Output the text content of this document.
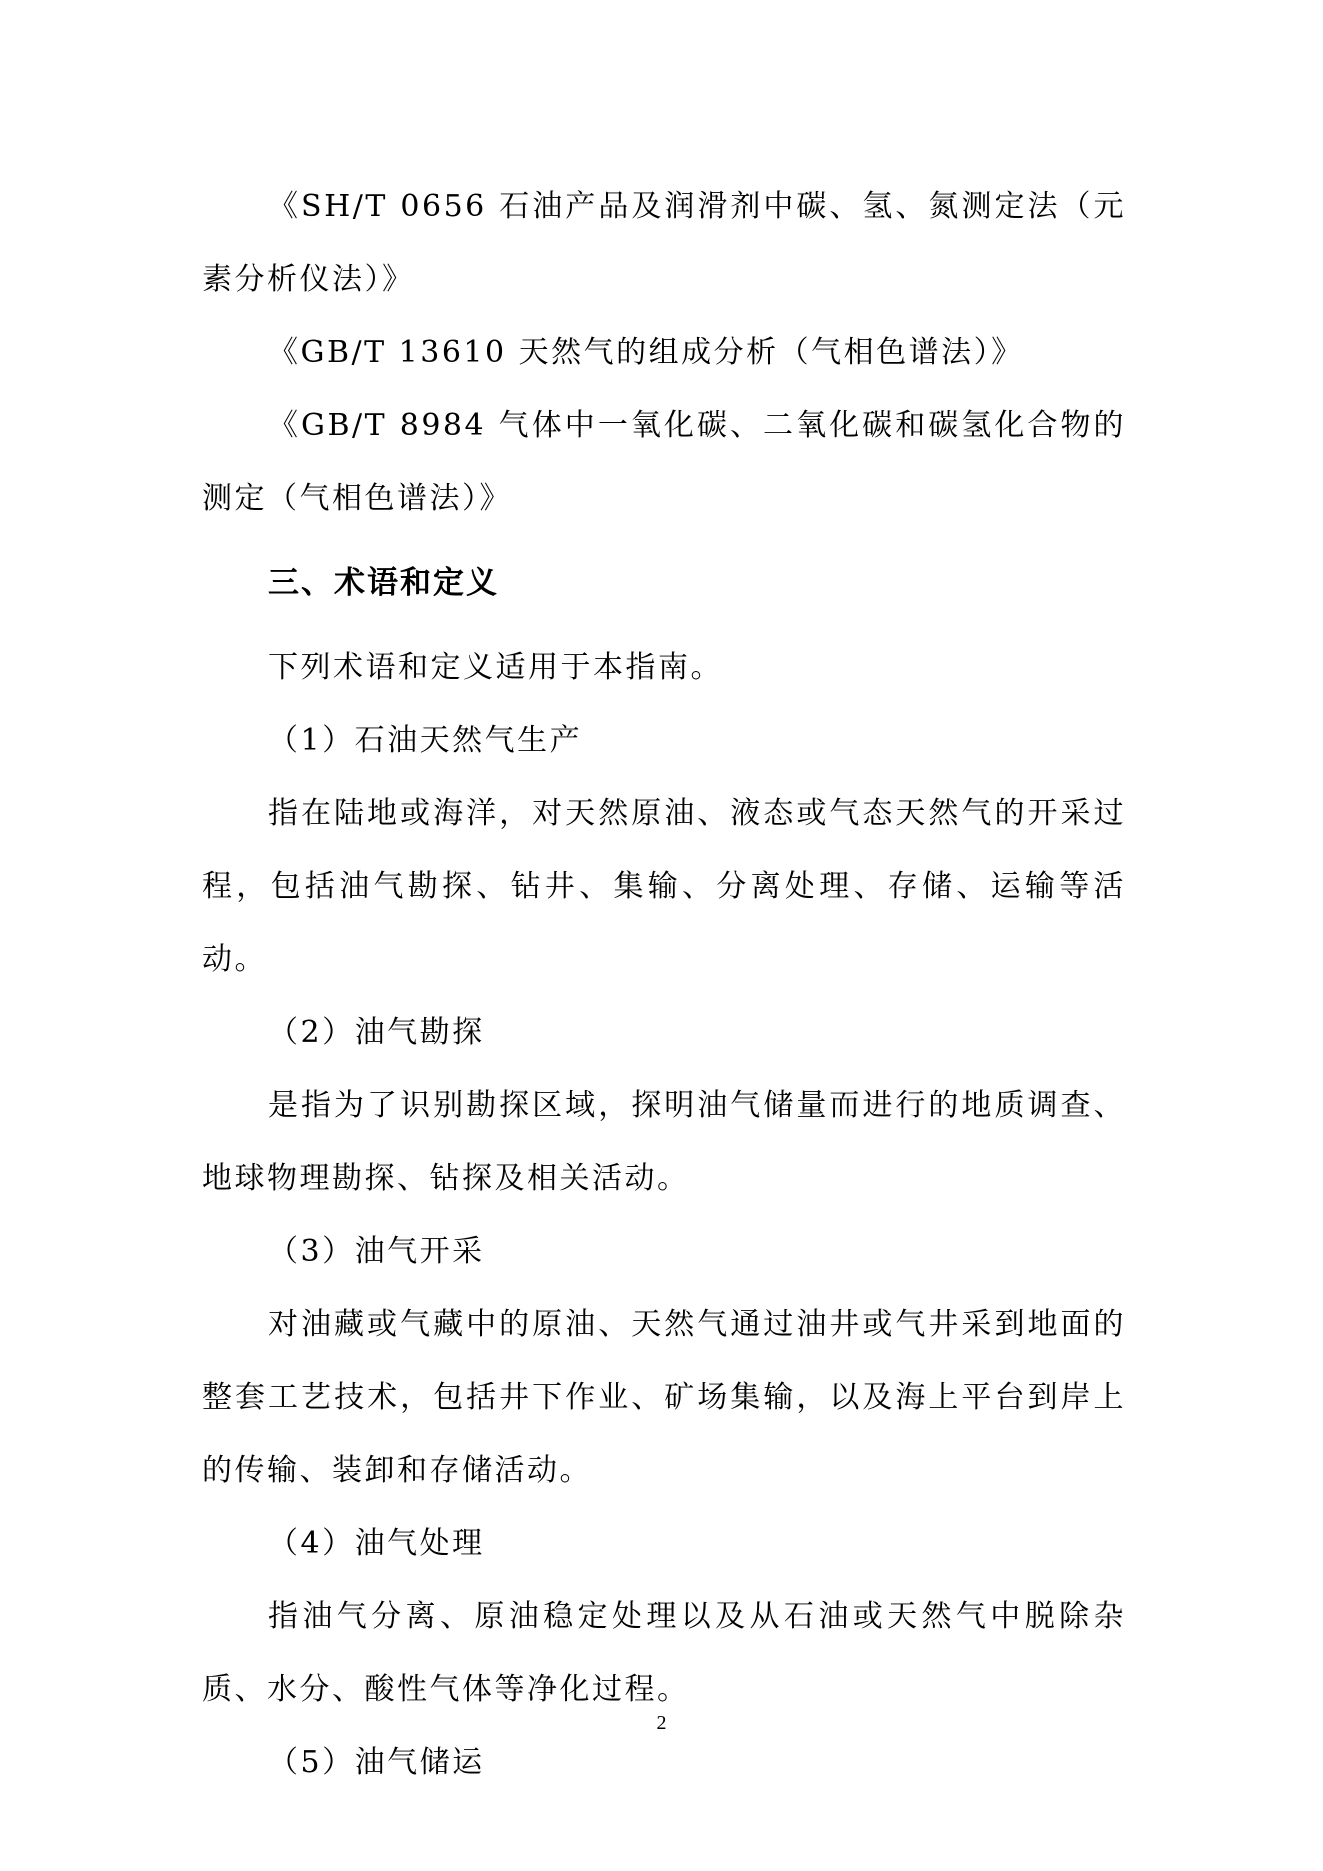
《SH/T 0656 石油产品及润滑剂中碳、氢、氮测定法（元素分析仪法）》

《GB/T 13610 天然气的组成分析（气相色谱法）》

《GB/T 8984 气体中一氧化碳、二氧化碳和碳氢化合物的测定（气相色谱法）》

三、术语和定义

下列术语和定义适用于本指南。

（1）石油天然气生产

指在陆地或海洋，对天然原油、液态或气态天然气的开采过程，包括油气勘探、钻井、集输、分离处理、存储、运输等活动。

（2）油气勘探

是指为了识别勘探区域，探明油气储量而进行的地质调查、地球物理勘探、钻探及相关活动。

（3）油气开采

对油藏或气藏中的原油、天然气通过油井或气井采到地面的整套工艺技术，包括井下作业、矿场集输，以及海上平台到岸上的传输、装卸和存储活动。

（4）油气处理

指油气分离、原油稳定处理以及从石油或天然气中脱除杂质、水分、酸性气体等净化过程。

（5）油气储运

2
